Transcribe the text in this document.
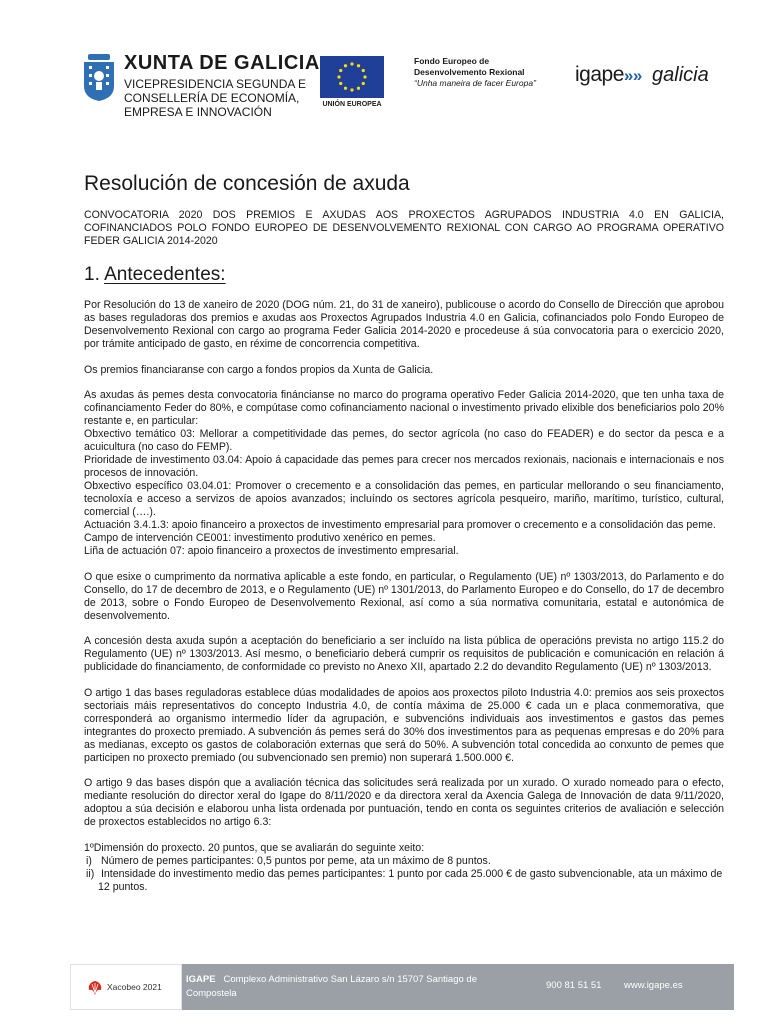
XUNTA DE GALICIA
VICEPRESIDENCIA SEGUNDA E
CONSELLERÍA DE ECONOMÍA,
EMPRESA E INNOVACIÓN
UNIÓN EUROPEA
Fondo Europeo de
Desenvolvemento Rexional
“Unha maneira de facer Europa” igape»» galicia
Resolución de concesión de axuda
CONVOCATORIA 2020 DOS PREMIOS E AXUDAS AOS PROXECTOS AGRUPADOS INDUSTRIA 4.0 EN GALICIA, COFINANCIADOS POLO FONDO EUROPEO DE DESENVOLVEMENTO REXIONAL CON CARGO AO PROGRAMA OPERATIVO FEDER GALICIA 2014-2020
1. Antecedentes:

Por Resolución do 13 de xaneiro de 2020 (DOG núm. 21, do 31 de xaneiro), publicouse o acordo do Consello de Dirección que aprobou as bases reguladoras dos premios e axudas aos Proxectos Agrupados Industria 4.0 en Galicia, cofinanciados polo Fondo Europeo de Desenvolvemento Rexional con cargo ao programa Feder Galicia 2014-2020 e procedeuse á súa convocatoria para o exercicio 2020, por trámite anticipado de gasto, en réxime de concorrencia competitiva.

Os premios financiaranse con cargo a fondos propios da Xunta de Galicia.

As axudas ás pemes desta convocatoria fináncianse no marco do programa operativo Feder Galicia 2014-2020, que ten unha taxa de cofinanciamento Feder do 80%, e compútase como cofinanciamento nacional o investimento privado elixible dos beneficiarios polo 20% restante e, en particular:
Obxectivo temático 03: Mellorar a competitividade das pemes, do sector agrícola (no caso do FEADER) e do sector da pesca e a acuicultura (no caso do FEMP).
Prioridade de investimento 03.04: Apoio á capacidade das pemes para crecer nos mercados rexionais, nacionais e internacionais e nos procesos de innovación.
Obxectivo específico 03.04.01: Promover o crecemento e a consolidación das pemes, en particular mellorando o seu financiamento, tecnoloxía e acceso a servizos de apoios avanzados; incluíndo os sectores agrícola pesqueiro, mariño, marítimo, turístico, cultural, comercial (….).
Actuación 3.4.1.3: apoio financeiro a proxectos de investimento empresarial para promover o crecemento e a consolidación das peme.
Campo de intervención CE001: investimento produtivo xenérico en pemes.
Liña de actuación 07: apoio financeiro a proxectos de investimento empresarial.

O que esixe o cumprimento da normativa aplicable a este fondo, en particular, o Regulamento (UE) nº 1303/2013, do Parlamento e do Consello, do 17 de decembro de 2013, e o Regulamento (UE) nº 1301/2013, do Parlamento Europeo e do Consello, do 17 de decembro de 2013, sobre o Fondo Europeo de Desenvolvemento Rexional, así como a súa normativa comunitaria, estatal e autonómica de desenvolvemento.

A concesión desta axuda supón a aceptación do beneficiario a ser incluído na lista pública de operacións prevista no artigo 115.2 do Regulamento (UE) nº 1303/2013. Así mesmo, o beneficiario deberá cumprir os requisitos de publicación e comunicación en relación á publicidade do financiamento, de conformidade co previsto no Anexo XII, apartado 2.2 do devandito Regulamento (UE) nº 1303/2013.

O artigo 1 das bases reguladoras establece dúas modalidades de apoios aos proxectos piloto Industria 4.0: premios aos seis proxectos sectoriais máis representativos do concepto Industria 4.0, de contía máxima de 25.000 € cada un e placa conmemorativa, que corresponderá ao organismo intermedio líder da agrupación, e subvencións individuais aos investimentos e gastos das pemes integrantes do proxecto premiado. A subvención ás pemes será do 30% dos investimentos para as pequenas empresas e do 20% para as medianas, excepto os gastos de colaboración externas que será do 50%. A subvención total concedida ao conxunto de pemes que participen no proxecto premiado (ou subvencionado sen premio) non superará 1.500.000 €.

O artigo 9 das bases dispón que a avaliación técnica das solicitudes será realizada por un xurado. O xurado nomeado para o efecto, mediante resolución do director xeral do Igape do 8/11/2020 e da directora xeral da Axencia Galega de Innovación de data 9/11/2020, adoptou a súa decisión e elaborou unha lista ordenada por puntuación, tendo en conta os seguintes criterios de avaliación e selección de proxectos establecidos no artigo 6.3:

1ºDimensión do proxecto. 20 puntos, que se avaliarán do seguinte xeito:
i) Número de pemes participantes: 0,5 puntos por peme, ata un máximo de 8 puntos.
ii) Intensidade do investimento medio das pemes participantes: 1 punto por cada 25.000 € de gasto subvencionable, ata un máximo de 12 puntos.
Xacobeo 2021
IGAPE Complexo Administrativo San Lázaro s/n 15707 Santiago de Compostela
900 81 51 51 www.igape.es
